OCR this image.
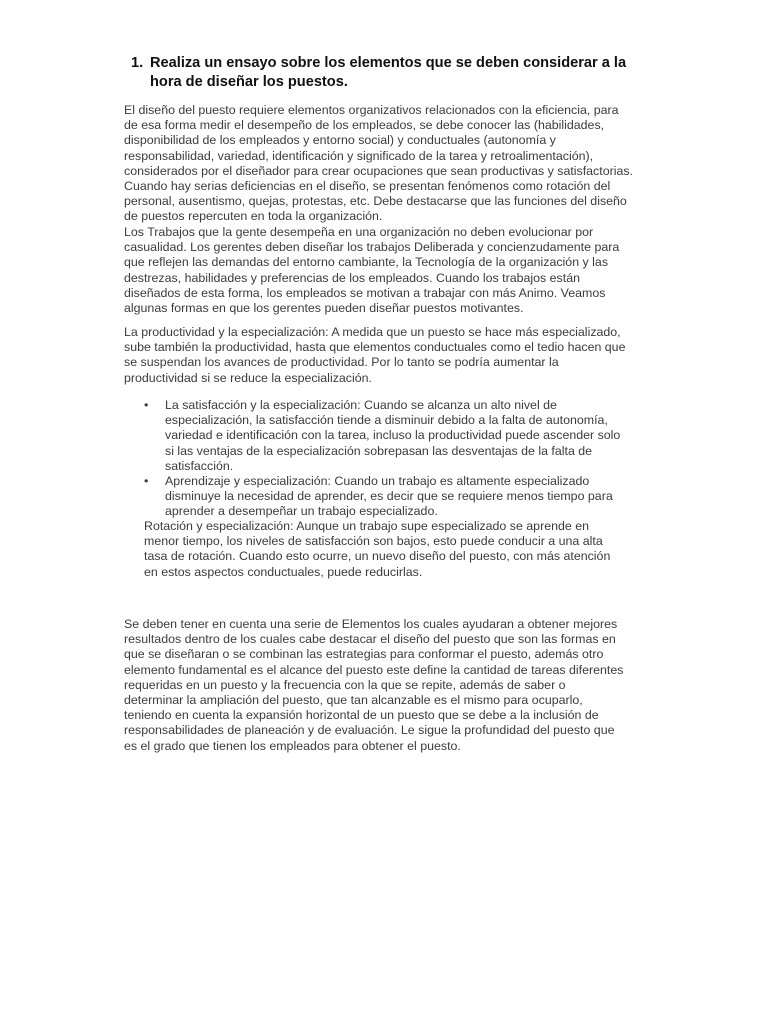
1. Realiza un ensayo sobre los elementos que se deben considerar a la hora de diseñar los puestos.

El diseño del puesto requiere elementos organizativos relacionados con la eficiencia, para de esa forma medir el desempeño de los empleados, se debe conocer las (habilidades, disponibilidad de los empleados y entorno social) y conductuales (autonomía y responsabilidad, variedad, identificación y significado de la tarea y retroalimentación), considerados por el diseñador para crear ocupaciones que sean productivas y satisfactorias. Cuando hay serias deficiencias en el diseño, se presentan fenómenos como rotación del personal, ausentismo, quejas, protestas, etc. Debe destacarse que las funciones del diseño de puestos repercuten en toda la organización.

Los Trabajos que la gente desempeña en una organización no deben evolucionar por casualidad. Los gerentes deben diseñar los trabajos Deliberada y concienzudamente para que reflejen las demandas del entorno cambiante, la Tecnología de la organización y las destrezas, habilidades y preferencias de los empleados. Cuando los trabajos están diseñados de esta forma, los empleados se motivan a trabajar con más Animo. Veamos algunas formas en que los gerentes pueden diseñar puestos motivantes.

La productividad y la especialización: A medida que un puesto se hace más especializado, sube también la productividad, hasta que elementos conductuales como el tedio hacen que se suspendan los avances de productividad. Por lo tanto se podría aumentar la productividad si se reduce la especialización.

• La satisfacción y la especialización: Cuando se alcanza un alto nivel de especialización, la satisfacción tiende a disminuir debido a la falta de autonomía, variedad e identificación con la tarea, incluso la productividad puede ascender solo si las ventajas de la especialización sobrepasan las desventajas de la falta de satisfacción.
• Aprendizaje y especialización: Cuando un trabajo es altamente especializado disminuye la necesidad de aprender, es decir que se requiere menos tiempo para aprender a desempeñar un trabajo especializado.

Rotación y especialización: Aunque un trabajo supe especializado se aprende en menor tiempo, los niveles de satisfacción son bajos, esto puede conducir a una alta tasa de rotación. Cuando esto ocurre, un nuevo diseño del puesto, con más atención en estos aspectos conductuales, puede reducirlas.

Se deben tener en cuenta una serie de Elementos los cuales ayudaran a obtener mejores resultados dentro de los cuales cabe destacar el diseño del puesto que son las formas en que se diseñaran o se combinan las estrategias para conformar el puesto, además otro elemento fundamental es el alcance del puesto este define la cantidad de tareas diferentes requeridas en un puesto y la frecuencia con la que se repite, además de saber o determinar la ampliación del puesto, que tan alcanzable es el mismo para ocuparlo, teniendo en cuenta la expansión horizontal de un puesto que se debe a la inclusión de responsabilidades de planeación y de evaluación. Le sigue la profundidad del puesto que es el grado que tienen los empleados para obtener el puesto.
